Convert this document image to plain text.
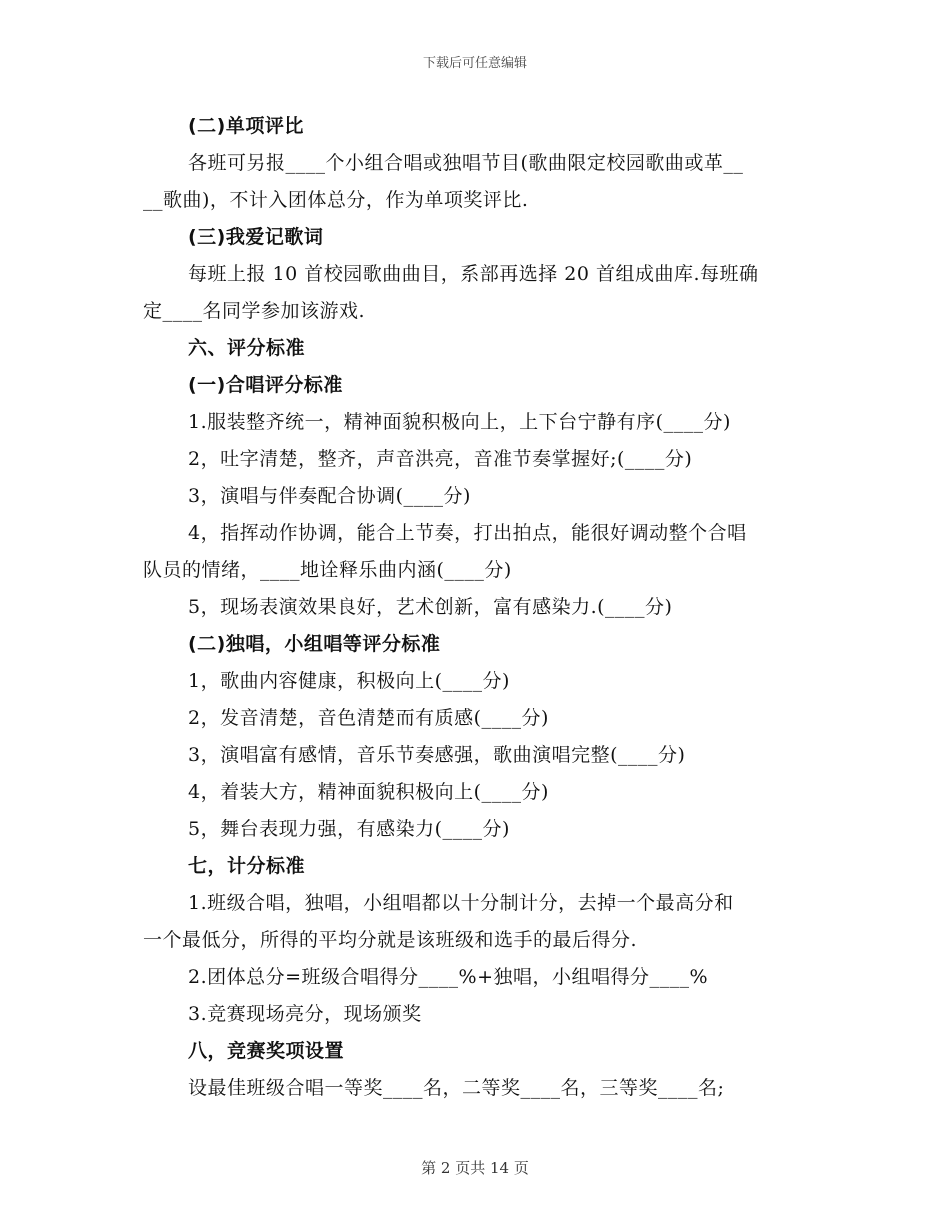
下载后可任意编辑
(二)单项评比
各班可另报____个小组合唱或独唱节目(歌曲限定校园歌曲或革__
__歌曲)，不计入团体总分，作为单项奖评比.
(三)我爱记歌词
每班上报 10 首校园歌曲曲目，系部再选择 20 首组成曲库.每班确
定____名同学参加该游戏.
六、评分标准
(一)合唱评分标准
1.服装整齐统一，精神面貌积极向上，上下台宁静有序(____分)
2，吐字清楚，整齐，声音洪亮，音准节奏掌握好;(____分)
3，演唱与伴奏配合协调(____分)
4，指挥动作协调，能合上节奏，打出拍点，能很好调动整个合唱
队员的情绪，____地诠释乐曲内涵(____分)
5，现场表演效果良好，艺术创新，富有感染力.(____分)
(二)独唱，小组唱等评分标准
1，歌曲内容健康，积极向上(____分)
2，发音清楚，音色清楚而有质感(____分)
3，演唱富有感情，音乐节奏感强，歌曲演唱完整(____分)
4，着装大方，精神面貌积极向上(____分)
5，舞台表现力强，有感染力(____分)
七，计分标准
1.班级合唱，独唱，小组唱都以十分制计分，去掉一个最高分和
一个最低分，所得的平均分就是该班级和选手的最后得分.
2.团体总分=班级合唱得分____%+独唱，小组唱得分____%
3.竞赛现场亮分，现场颁奖
八，竞赛奖项设置
设最佳班级合唱一等奖____名，二等奖____名，三等奖____名;
第 2 页共 14 页
